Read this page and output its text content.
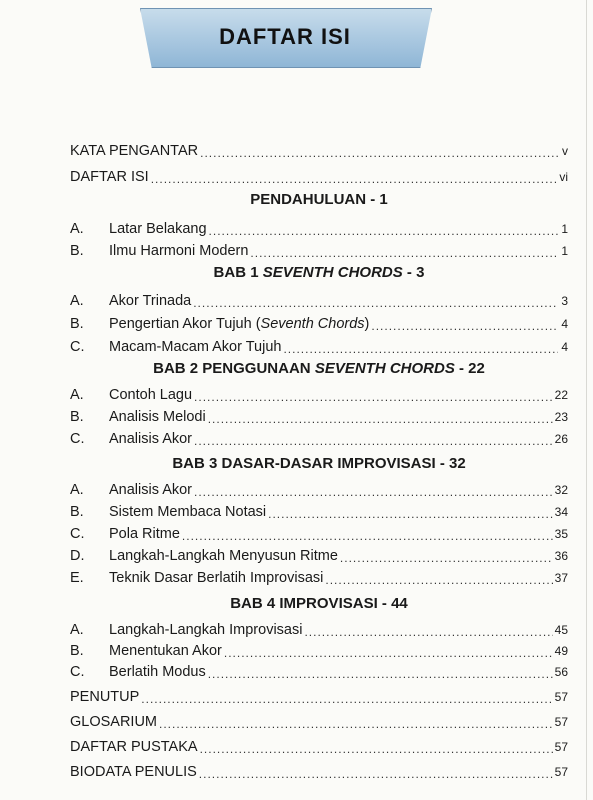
DAFTAR ISI
KATA PENGANTAR .....	v
DAFTAR ISI .....	vi
PENDAHULUAN - 1
A.	Latar Belakang .....	1
B.	Ilmu Harmoni Modern .....	1
BAB 1 SEVENTH CHORDS - 3
A.	Akor Trinada .....	3
B.	Pengertian Akor Tujuh (Seventh Chords) .....	4
C.	Macam-Macam Akor Tujuh .....	4
BAB 2 PENGGUNAAN SEVENTH CHORDS - 22
A.	Contoh Lagu .....	22
B.	Analisis Melodi .....	23
C.	Analisis Akor .....	26
BAB 3 DASAR-DASAR IMPROVISASI - 32
A.	Analisis Akor .....	32
B.	Sistem Membaca Notasi .....	34
C.	Pola Ritme .....	35
D.	Langkah-Langkah Menyusun Ritme .....	36
E.	Teknik Dasar Berlatih Improvisasi .....	37
BAB 4 IMPROVISASI - 44
A.	Langkah-Langkah Improvisasi .....	45
B.	Menentukan Akor .....	49
C.	Berlatih Modus .....	56
PENUTUP .....	57
GLOSARIUM .....	57
DAFTAR PUSTAKA .....	57
BIODATA PENULIS .....	57
